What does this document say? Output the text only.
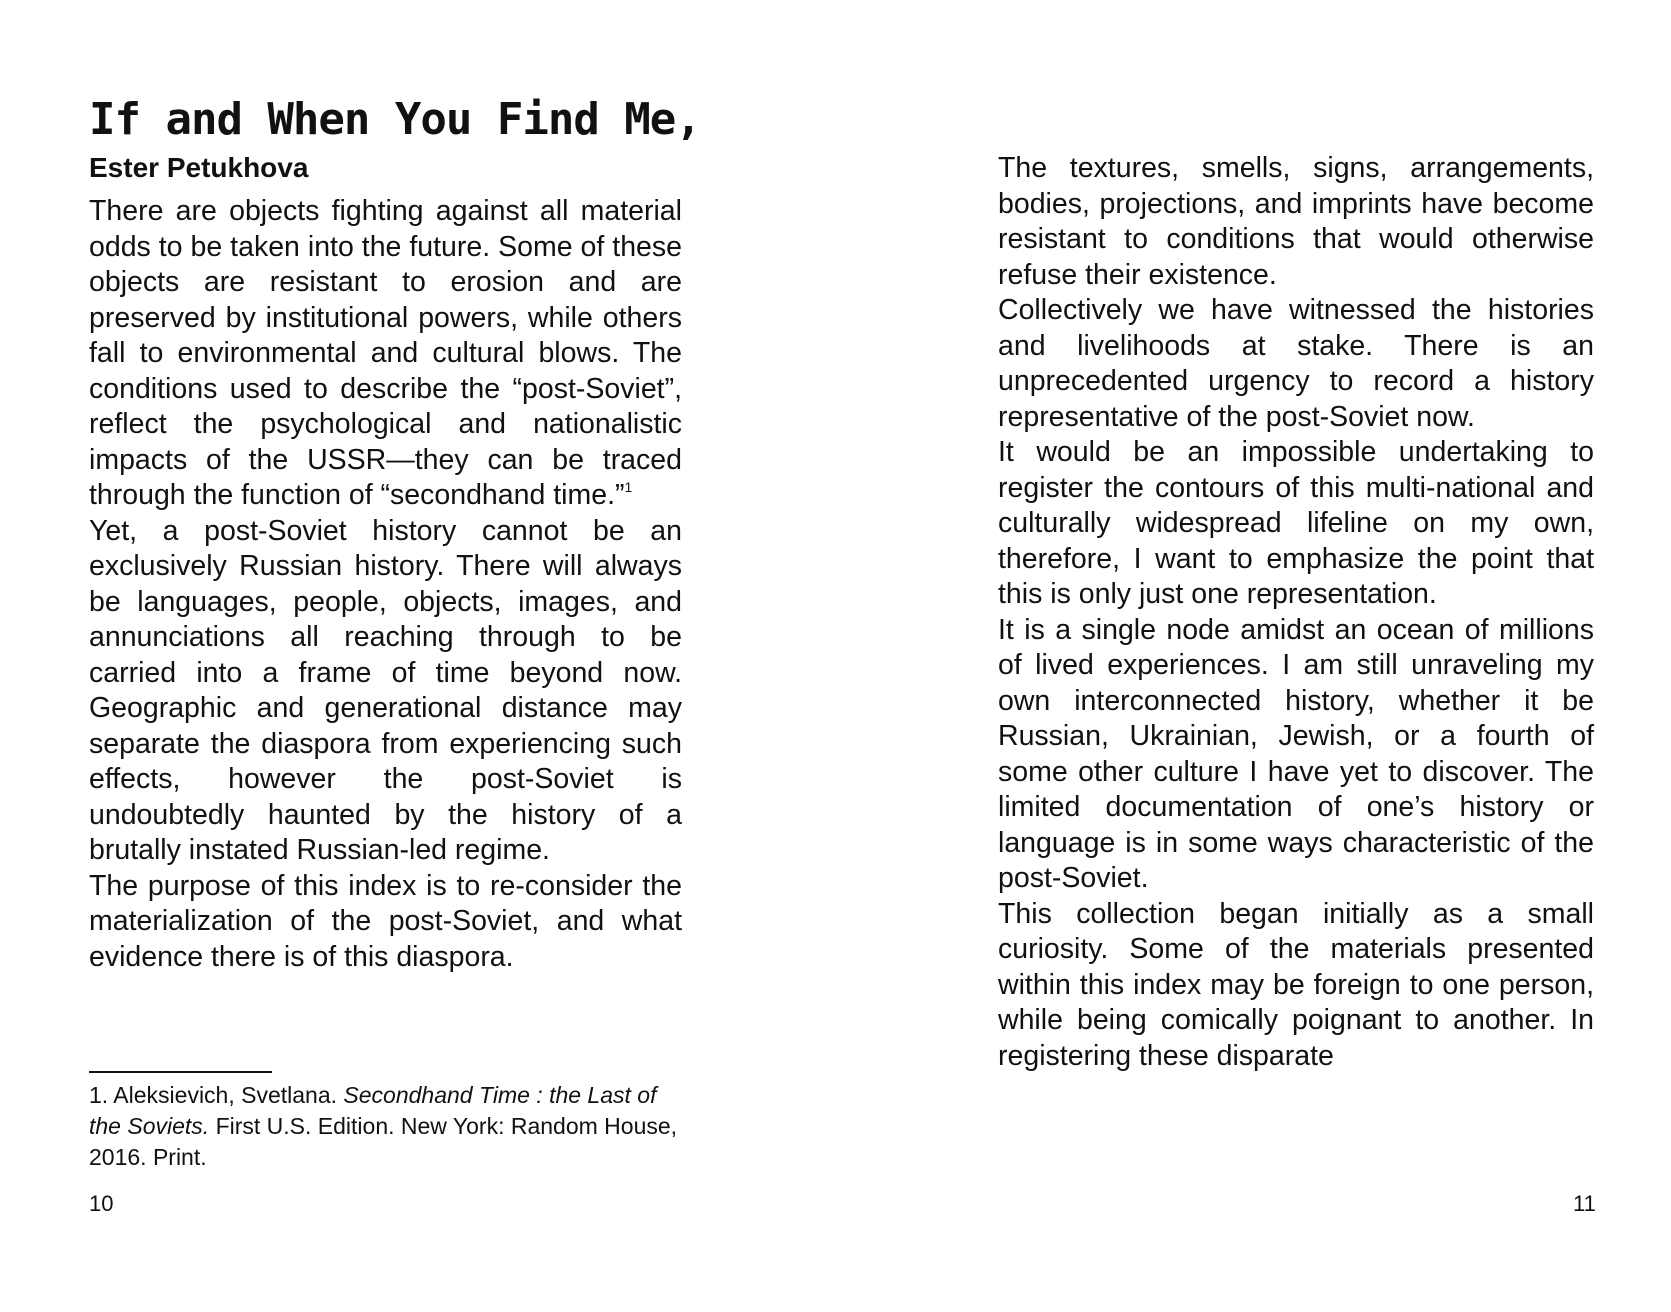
If and When You Find Me,
Ester Petukhova

There are objects fighting against all material odds to be taken into the future. Some of these objects are resistant to erosion and are preserved by institutional powers, while others fall to environmental and cultural blows. The conditions used to describe the “post-Soviet”, reflect the psychological and nationalistic impacts of the USSR—they can be traced through the function of “secondhand time.”$^1$

Yet, a post-Soviet history cannot be an exclusively Russian history. There will always be languages, people, objects, images, and annunciations all reaching through to be carried into a frame of time beyond now. Geographic and generational distance may separate the diaspora from experiencing such effects, however the post-Soviet is undoubtedly haunted by the history of a brutally instated Russian-led regime.

The purpose of this index is to re-consider the materialization of the post-Soviet, and what evidence there is of this diaspora.

1. Aleksievich, Svetlana. Secondhand Time : the Last of the Soviets. First U.S. Edition. New York: Random House, 2016. Print.

10

The textures, smells, signs, arrangements, bodies, projections, and imprints have become resistant to conditions that would otherwise refuse their existence.

Collectively we have witnessed the histories and livelihoods at stake. There is an unprecedented urgency to record a history representative of the post-Soviet now.

It would be an impossible undertaking to register the contours of this multi-national and culturally widespread lifeline on my own, therefore, I want to emphasize the point that this is only just one representation.

It is a single node amidst an ocean of millions of lived experiences. I am still unraveling my own interconnected history, whether it be Russian, Ukrainian, Jewish, or a fourth of some other culture I have yet to discover. The limited documentation of one’s history or language is in some ways characteristic of the post-Soviet.

This collection began initially as a small curiosity. Some of the materials presented within this index may be foreign to one person, while being comically poignant to another. In registering these disparate

11
